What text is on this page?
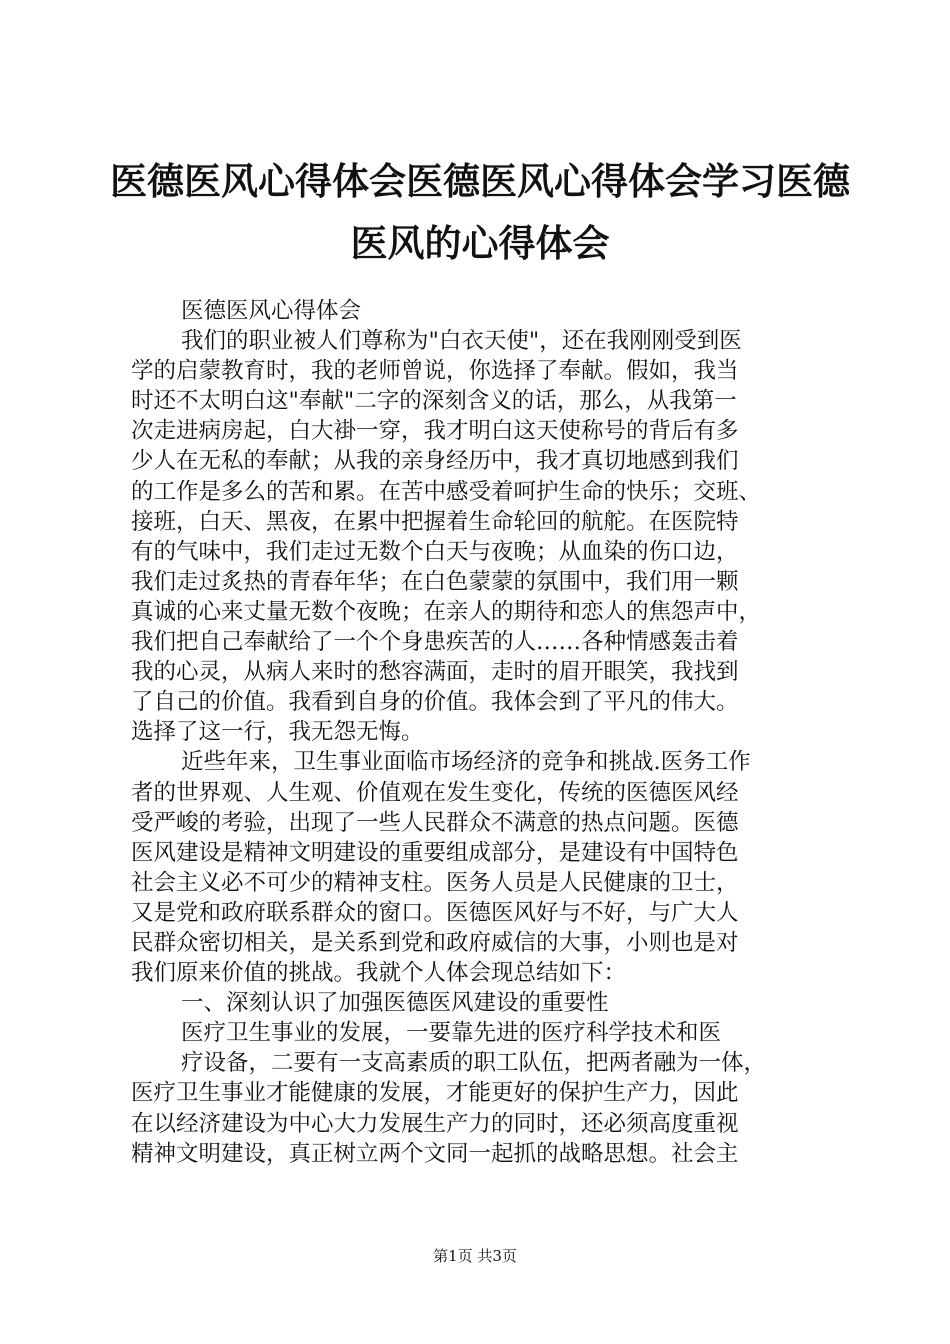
医德医风心得体会医德医风心得体会学习医德
医风的心得体会
医德医风心得体会
我们的职业被人们尊称为"白衣天使"，还在我刚刚受到医
学的启蒙教育时，我的老师曾说，你选择了奉献。假如，我当
时还不太明白这"奉献"二字的深刻含义的话，那么，从我第一
次走进病房起，白大褂一穿，我才明白这天使称号的背后有多
少人在无私的奉献；从我的亲身经历中，我才真切地感到我们
的工作是多么的苦和累。在苦中感受着呵护生命的快乐；交班、
接班，白天、黑夜，在累中把握着生命轮回的航舵。在医院特
有的气味中，我们走过无数个白天与夜晚；从血染的伤口边，
我们走过炙热的青春年华；在白色蒙蒙的氛围中，我们用一颗
真诚的心来丈量无数个夜晚；在亲人的期待和恋人的焦怨声中，
我们把自己奉献给了一个个身患疾苦的人……各种情感轰击着
我的心灵，从病人来时的愁容满面，走时的眉开眼笑，我找到
了自己的价值。我看到自身的价值。我体会到了平凡的伟大。
选择了这一行，我无怨无悔。
近些年来，卫生事业面临市场经济的竞争和挑战.医务工作
者的世界观、人生观、价值观在发生变化，传统的医德医风经
受严峻的考验，出现了一些人民群众不满意的热点问题。医德
医风建设是精神文明建设的重要组成部分，是建设有中国特色
社会主义必不可少的精神支柱。医务人员是人民健康的卫士，
又是党和政府联系群众的窗口。医德医风好与不好，与广大人
民群众密切相关，是关系到党和政府威信的大事，小则也是对
我们原来价值的挑战。我就个人体会现总结如下：
一、深刻认识了加强医德医风建设的重要性
医疗卫生事业的发展，一要靠先进的医疗科学技术和医
疗设备，二要有一支高素质的职工队伍，把两者融为一体，
医疗卫生事业才能健康的发展，才能更好的保护生产力，因此
在以经济建设为中心大力发展生产力的同时，还必须高度重视
精神文明建设，真正树立两个文同一起抓的战略思想。社会主
第1页 共3页
